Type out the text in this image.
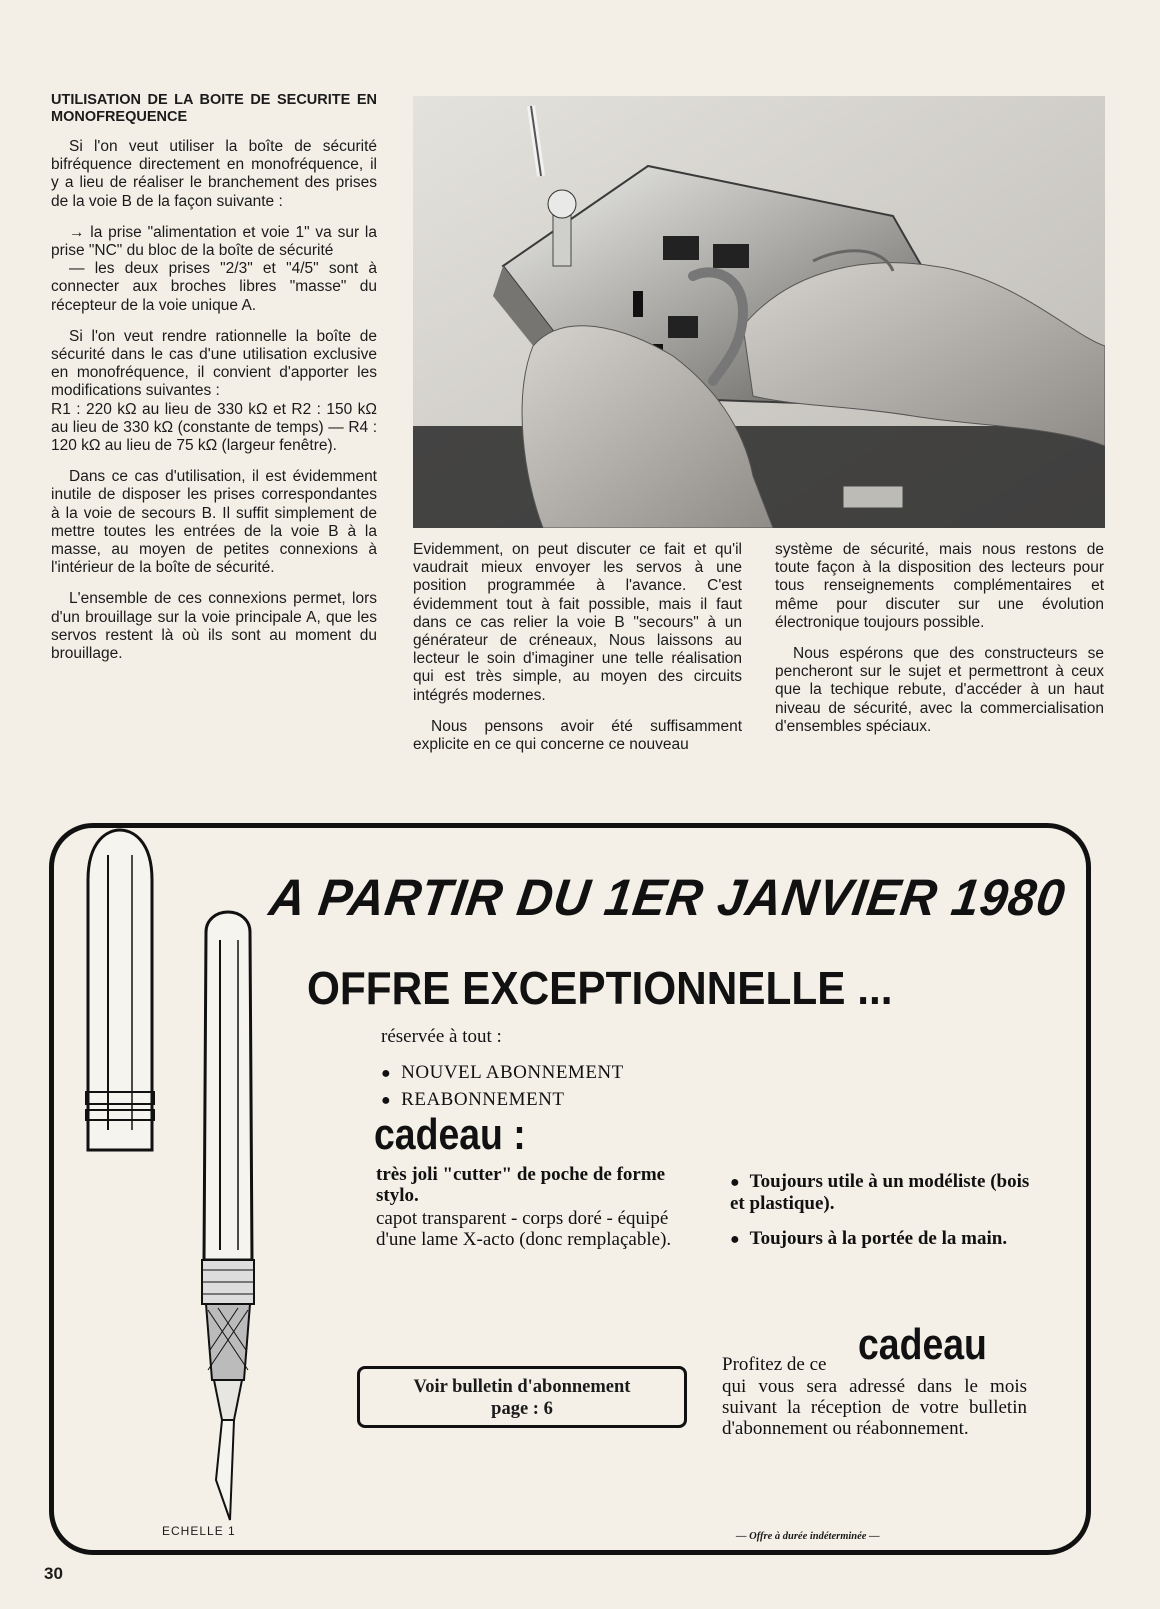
UTILISATION DE LA BOITE DE SECURITE EN MONOFREQUENCE

Si l'on veut utiliser la boîte de sécurité bifréquence directement en monofréquence, il y a lieu de réaliser le branchement des prises de la voie B de la façon suivante :

→ la prise "alimentation et voie 1" va sur la prise "NC" du bloc de la boîte de sécurité

— les deux prises "2/3" et "4/5" sont à connecter aux broches libres "masse" du récepteur de la voie unique A.

Si l'on veut rendre rationnelle la boîte de sécurité dans le cas d'une utilisation exclusive en monofréquence, il convient d'apporter les modifications suivantes :

R1 : 220 kΩ au lieu de 330 kΩ et R2 : 150 kΩ au lieu de 330 kΩ (constante de temps) — R4 : 120 kΩ au lieu de 75 kΩ (largeur fenêtre).

Dans ce cas d'utilisation, il est évidemment inutile de disposer les prises correspondantes à la voie de secours B. Il suffit simplement de mettre toutes les entrées de la voie B à la masse, au moyen de petites connexions à l'intérieur de la boîte de sécurité.

L'ensemble de ces connexions permet, lors d'un brouillage sur la voie principale A, que les servos restent là où ils sont au moment du brouillage.

Evidemment, on peut discuter ce fait et qu'il vaudrait mieux envoyer les servos à une position programmée à l'avance. C'est évidemment tout à fait possible, mais il faut dans ce cas relier la voie B "secours" à un générateur de créneaux, Nous laissons au lecteur le soin d'imaginer une telle réalisation qui est très simple, au moyen des circuits intégrés modernes.

Nous pensons avoir été suffisamment explicite en ce qui concerne ce nouveau

système de sécurité, mais nous restons de toute façon à la disposition des lecteurs pour tous renseignements complémentaires et même pour discuter sur une évolution électronique toujours possible.

Nous espérons que des constructeurs se pencheront sur le sujet et permettront à ceux que la techique rebute, d'accéder à un haut niveau de sécurité, avec la commercialisation d'ensembles spéciaux.

A PARTIR DU 1ER JANVIER 1980
OFFRE EXCEPTIONNELLE ...
réservée à tout :
● NOUVEL ABONNEMENT
● REABONNEMENT
cadeau :
très joli "cutter" de poche de forme stylo.
capot transparent - corps doré - équipé d'une lame X-acto (donc remplaçable).
● Toujours utile à un modéliste (bois et plastique).
● Toujours à la portée de la main.
Profitez de ce cadeau
qui vous sera adressé dans le mois suivant la réception de votre bulletin d'abonnement ou réabonnement.
Voir bulletin d'abonnement
page : 6
ECHELLE 1	— Offre à durée indéterminée —
30
